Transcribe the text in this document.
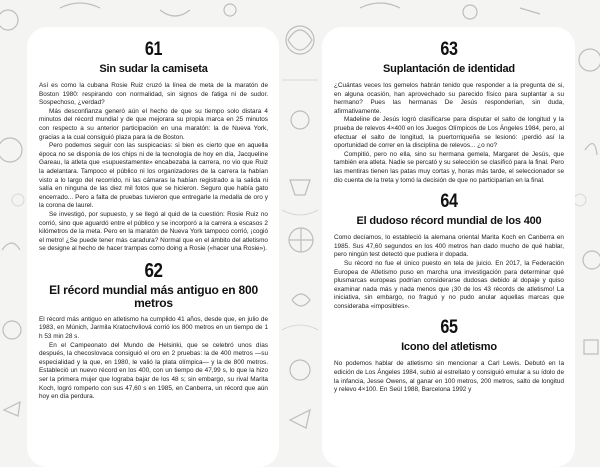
61
Sin sudar la camiseta

Así es como la cubana Rosie Ruiz cruzó la línea de meta de la maratón de Boston 1980: respirando con normalidad, sin signos de fatiga ni de sudor. Sospechoso, ¿verdad?

Más desconfianza generó aún el hecho de que su tiempo solo distara 4 minutos del récord mundial y de que mejorara su propia marca en 25 minutos con respecto a su anterior participación en una maratón: la de Nueva York, gracias a la cual consiguió plaza para la de Boston.

Pero podemos seguir con las suspicacias: si bien es cierto que en aquella época no se disponía de los chips ni de la tecnología de hoy en día, Jacqueline Gareau, la atleta que «supuestamente» encabezaba la carrera, no vio que Ruiz la adelantara. Tampoco el público ni los organizadores de la carrera la habían visto a lo largo del recorrido, ni las cámaras la habían registrado a la salida ni salía en ninguna de las diez mil fotos que se hicieron. Seguro que había gato encerrado... Pero a falta de pruebas tuvieron que entregarle la medalla de oro y la corona de laurel.

Se investigó, por supuesto, y se llegó al quid de la cuestión: Rosie Ruiz no corrió, sino que aguardó entre el público y se incorporó a la carrera a escasos 2 kilómetros de la meta. Pero en la maratón de Nueva York tampoco corrió, ¡cogió el metro! ¿Se puede tener más caradura? Normal que en el ámbito del atletismo se designe al hecho de hacer trampas como doing a Rosie («hacer una Rosie»).

62
El récord mundial más antiguo en 800 metros

El récord más antiguo en atletismo ha cumplido 41 años, desde que, en julio de 1983, en Múnich, Jarmila Kratochvílová corrió los 800 metros en un tiempo de 1 h 53 min 28 s.

En el Campeonato del Mundo de Helsinki, que se celebró unos días después, la checoslovaca consiguió el oro en 2 pruebas: la de 400 metros —su especialidad y la que, en 1980, le valió la plata olímpica— y la de 800 metros. Estableció un nuevo récord en los 400, con un tiempo de 47,99 s, lo que la hizo ser la primera mujer que lograba bajar de los 48 s; sin embargo, su rival Marita Koch, logró romperlo con sus 47,60 s en 1985, en Canberra, un récord que aún hoy en día perdura.

63
Suplantación de identidad

¿Cuántas veces los gemelos habrán tenido que responder a la pregunta de si, en alguna ocasión, han aprovechado su parecido físico para suplantar a su hermano? Pues las hermanas De Jesús responderían, sin duda, afirmativamente.

Madeline de Jesús logró clasificarse para disputar el salto de longitud y la prueba de relevos 4×400 en los Juegos Olímpicos de Los Ángeles 1984, pero, al efectuar el salto de longitud, la puertorriqueña se lesionó: ¡perdió así la oportunidad de correr en la disciplina de relevos... ¿o no?

Compitió, pero no ella, sino su hermana gemela, Margaret de Jesús, que también era atleta. Nadie se percató y su selección se clasificó para la final. Pero las mentiras tienen las patas muy cortas y, horas más tarde, el seleccionador se dio cuenta de la treta y tomó la decisión de que no participarían en la final.

64
El dudoso récord mundial de los 400

Como decíamos, lo estableció la alemana oriental Marita Koch en Canberra en 1985. Sus 47,60 segundos en los 400 metros han dado mucho de qué hablar, pero ningún test detectó que pudiera ir dopada.

Su récord no fue el único puesto en tela de juicio. En 2017, la Federación Europea de Atletismo puso en marcha una investigación para determinar qué plusmarcas europeas podrían considerarse dudosas debido al dopaje y quiso examinar nada más y nada menos que ¡30 de los 43 récords de atletismo! La iniciativa, sin embargo, no fraguó y no pudo anular aquellas marcas que considerabа «imposibles».

65
Icono del atletismo

No podemos hablar de atletismo sin mencionar a Carl Lewis. Debutó en la edición de Los Ángeles 1984, subió al estrellato y consiguió emular a su ídolo de la infancia, Jesse Owens, al ganar en 100 metros, 200 metros, salto de longitud y relevo 4×100. En Seúl 1988, Barcelona 1992 y
